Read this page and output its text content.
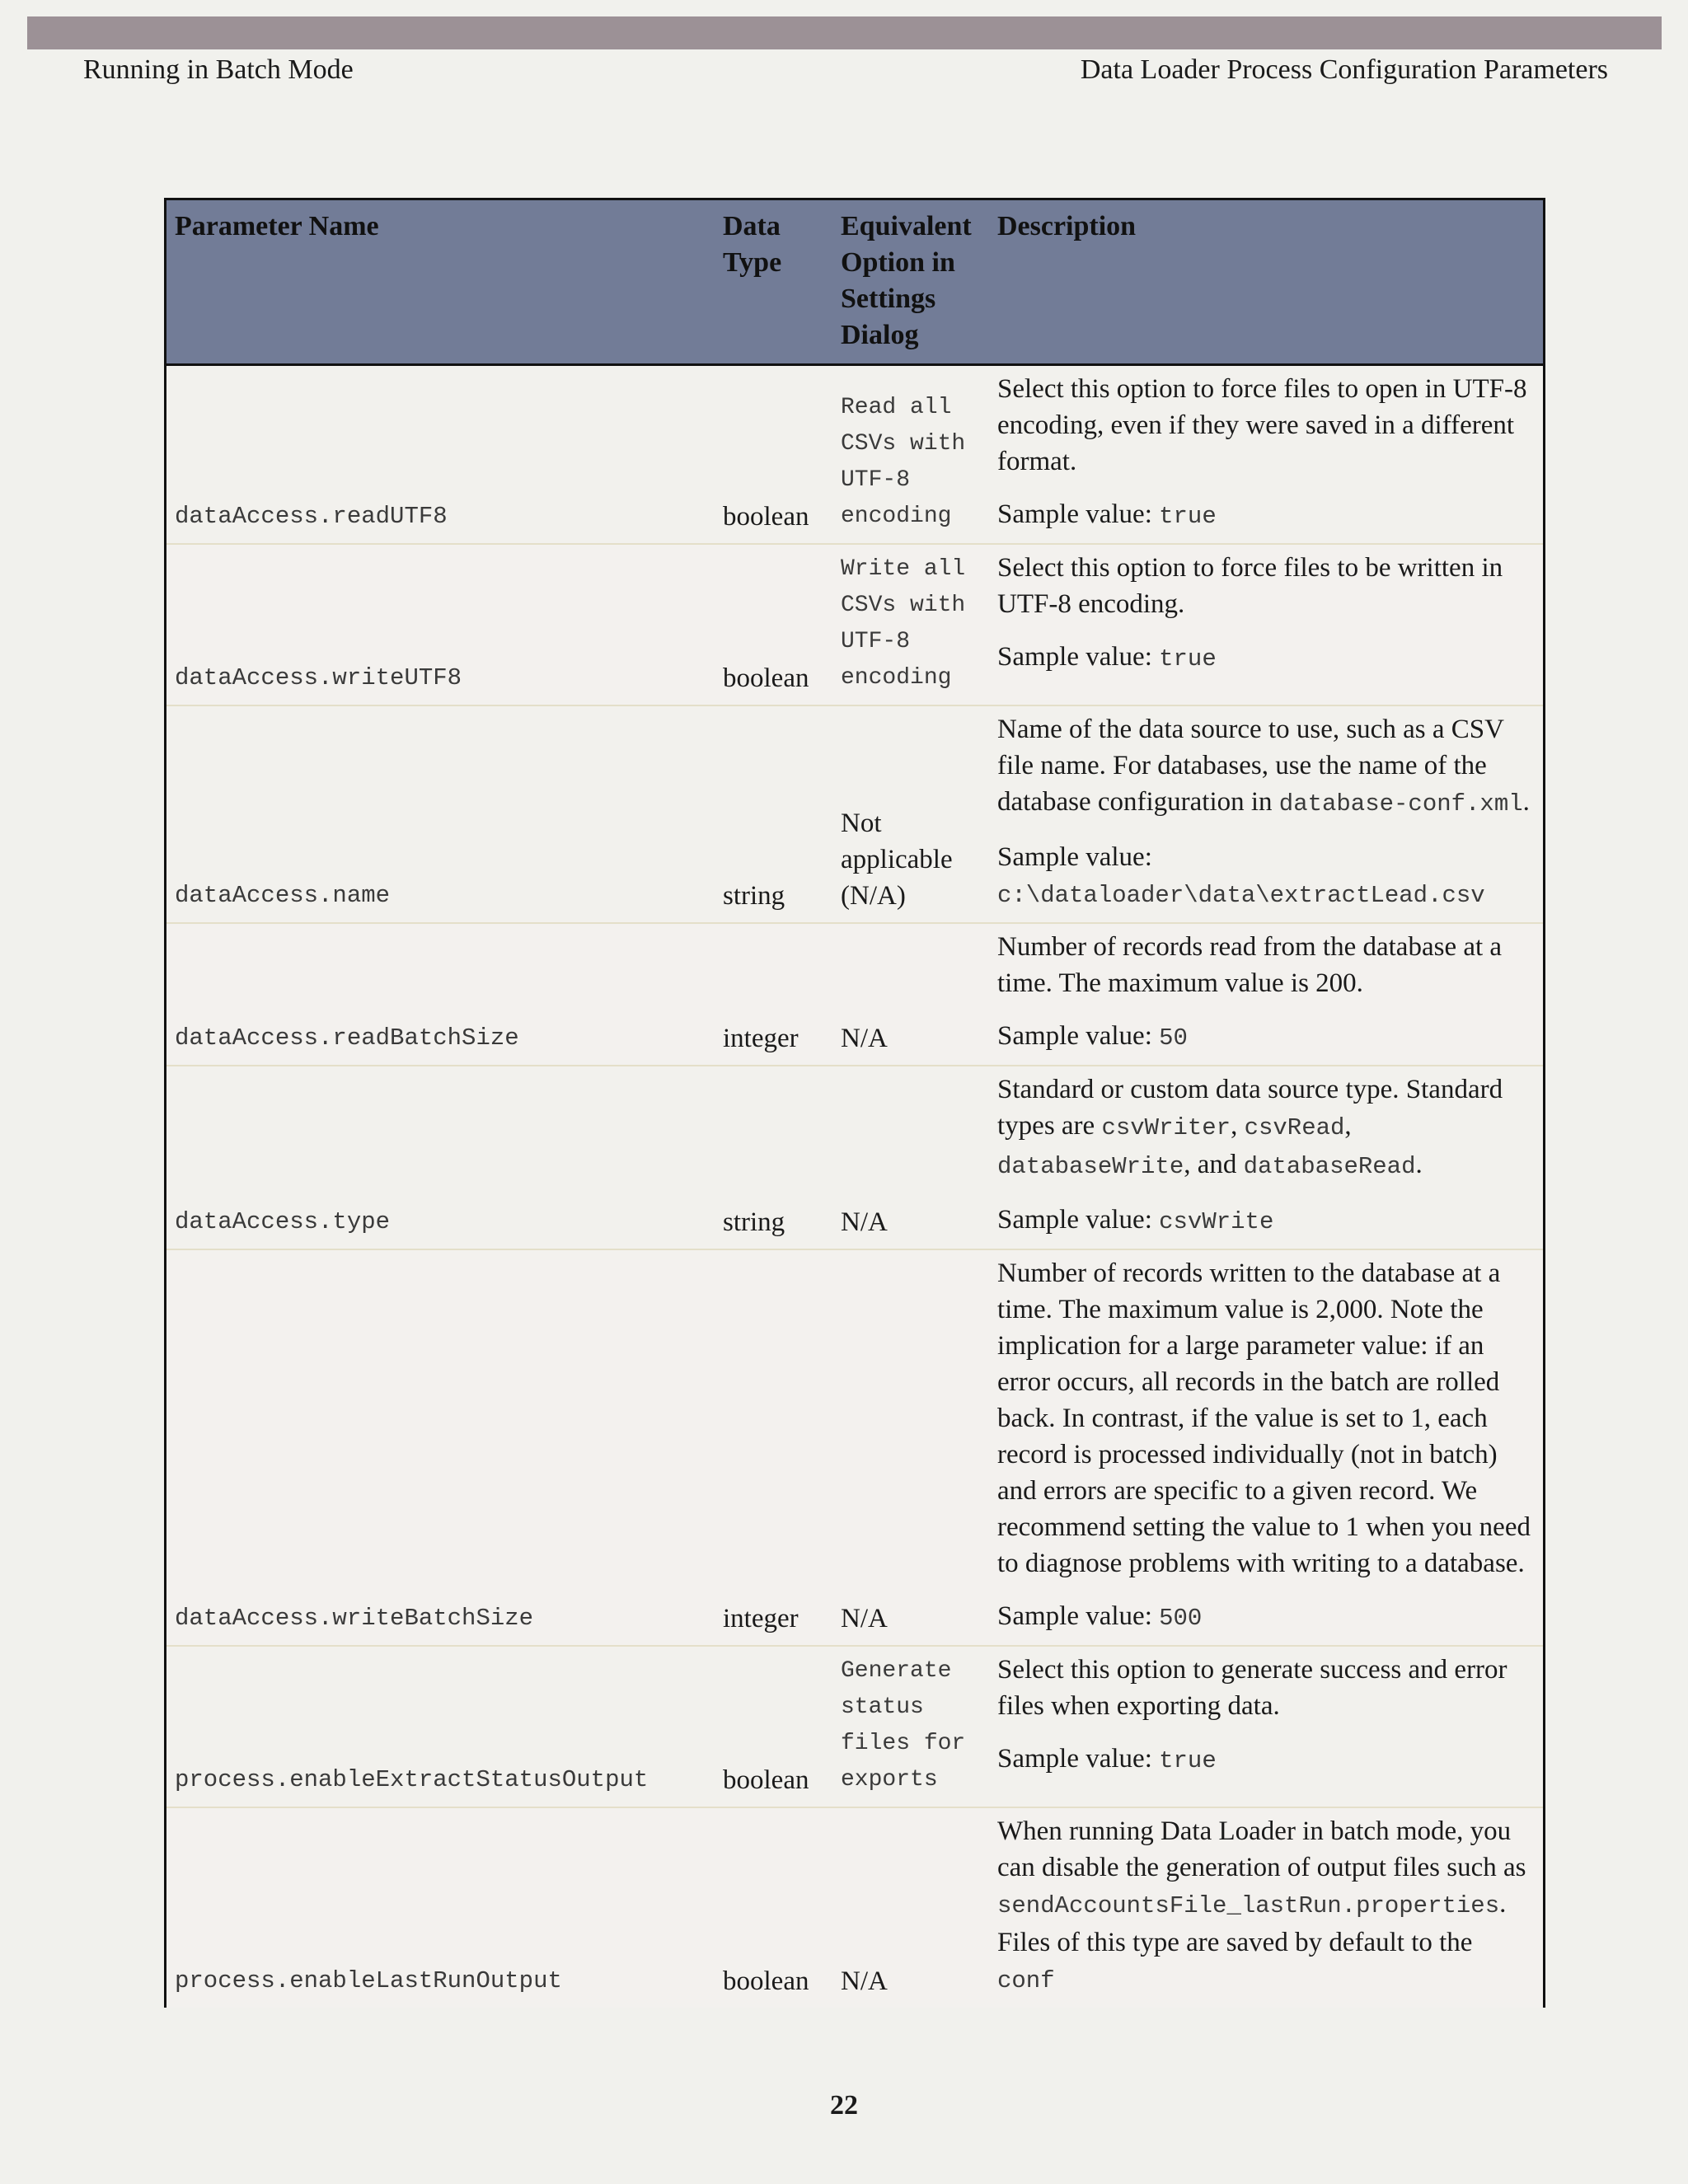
Running in Batch Mode	Data Loader Process Configuration Parameters
Parameter Name	Data Type	Equivalent Option in Settings Dialog	Description
dataAccess.readUTF8	boolean	Read all CSVs with UTF-8 encoding	Select this option to force files to open in UTF-8 encoding, even if they were saved in a different format.

Sample value: true

dataAccess.writeUTF8	boolean	Write all CSVs with UTF-8 encoding	Select this option to force files to be written in UTF-8 encoding.

Sample value: true

dataAccess.name	string	Not applicable (N/A)	Name of the data source to use, such as a CSV file name. For databases, use the name of the database configuration in database-conf.xml.

Sample value: c:\dataloader\data\extractLead.csv

dataAccess.readBatchSize	integer	N/A	Number of records read from the database at a time. The maximum value is 200.

Sample value: 50

dataAccess.type	string	N/A	Standard or custom data source type. Standard types are csvWriter, csvRead, databaseWrite, and databaseRead.

Sample value: csvWrite

dataAccess.writeBatchSize	integer	N/A	Number of records written to the database at a time. The maximum value is 2,000. Note the implication for a large parameter value: if an error occurs, all records in the batch are rolled back. In contrast, if the value is set to 1, each record is processed individually (not in batch) and errors are specific to a given record. We recommend setting the value to 1 when you need to diagnose problems with writing to a database.

Sample value: 500

process.enableExtractStatusOutput	boolean	Generate status files for exports	Select this option to generate success and error files when exporting data.

Sample value: true

process.enableLastRunOutput	boolean	N/A	When running Data Loader in batch mode, you can disable the generation of output files such as sendAccountsFile_lastRun.properties. Files of this type are saved by default to the conf

22
